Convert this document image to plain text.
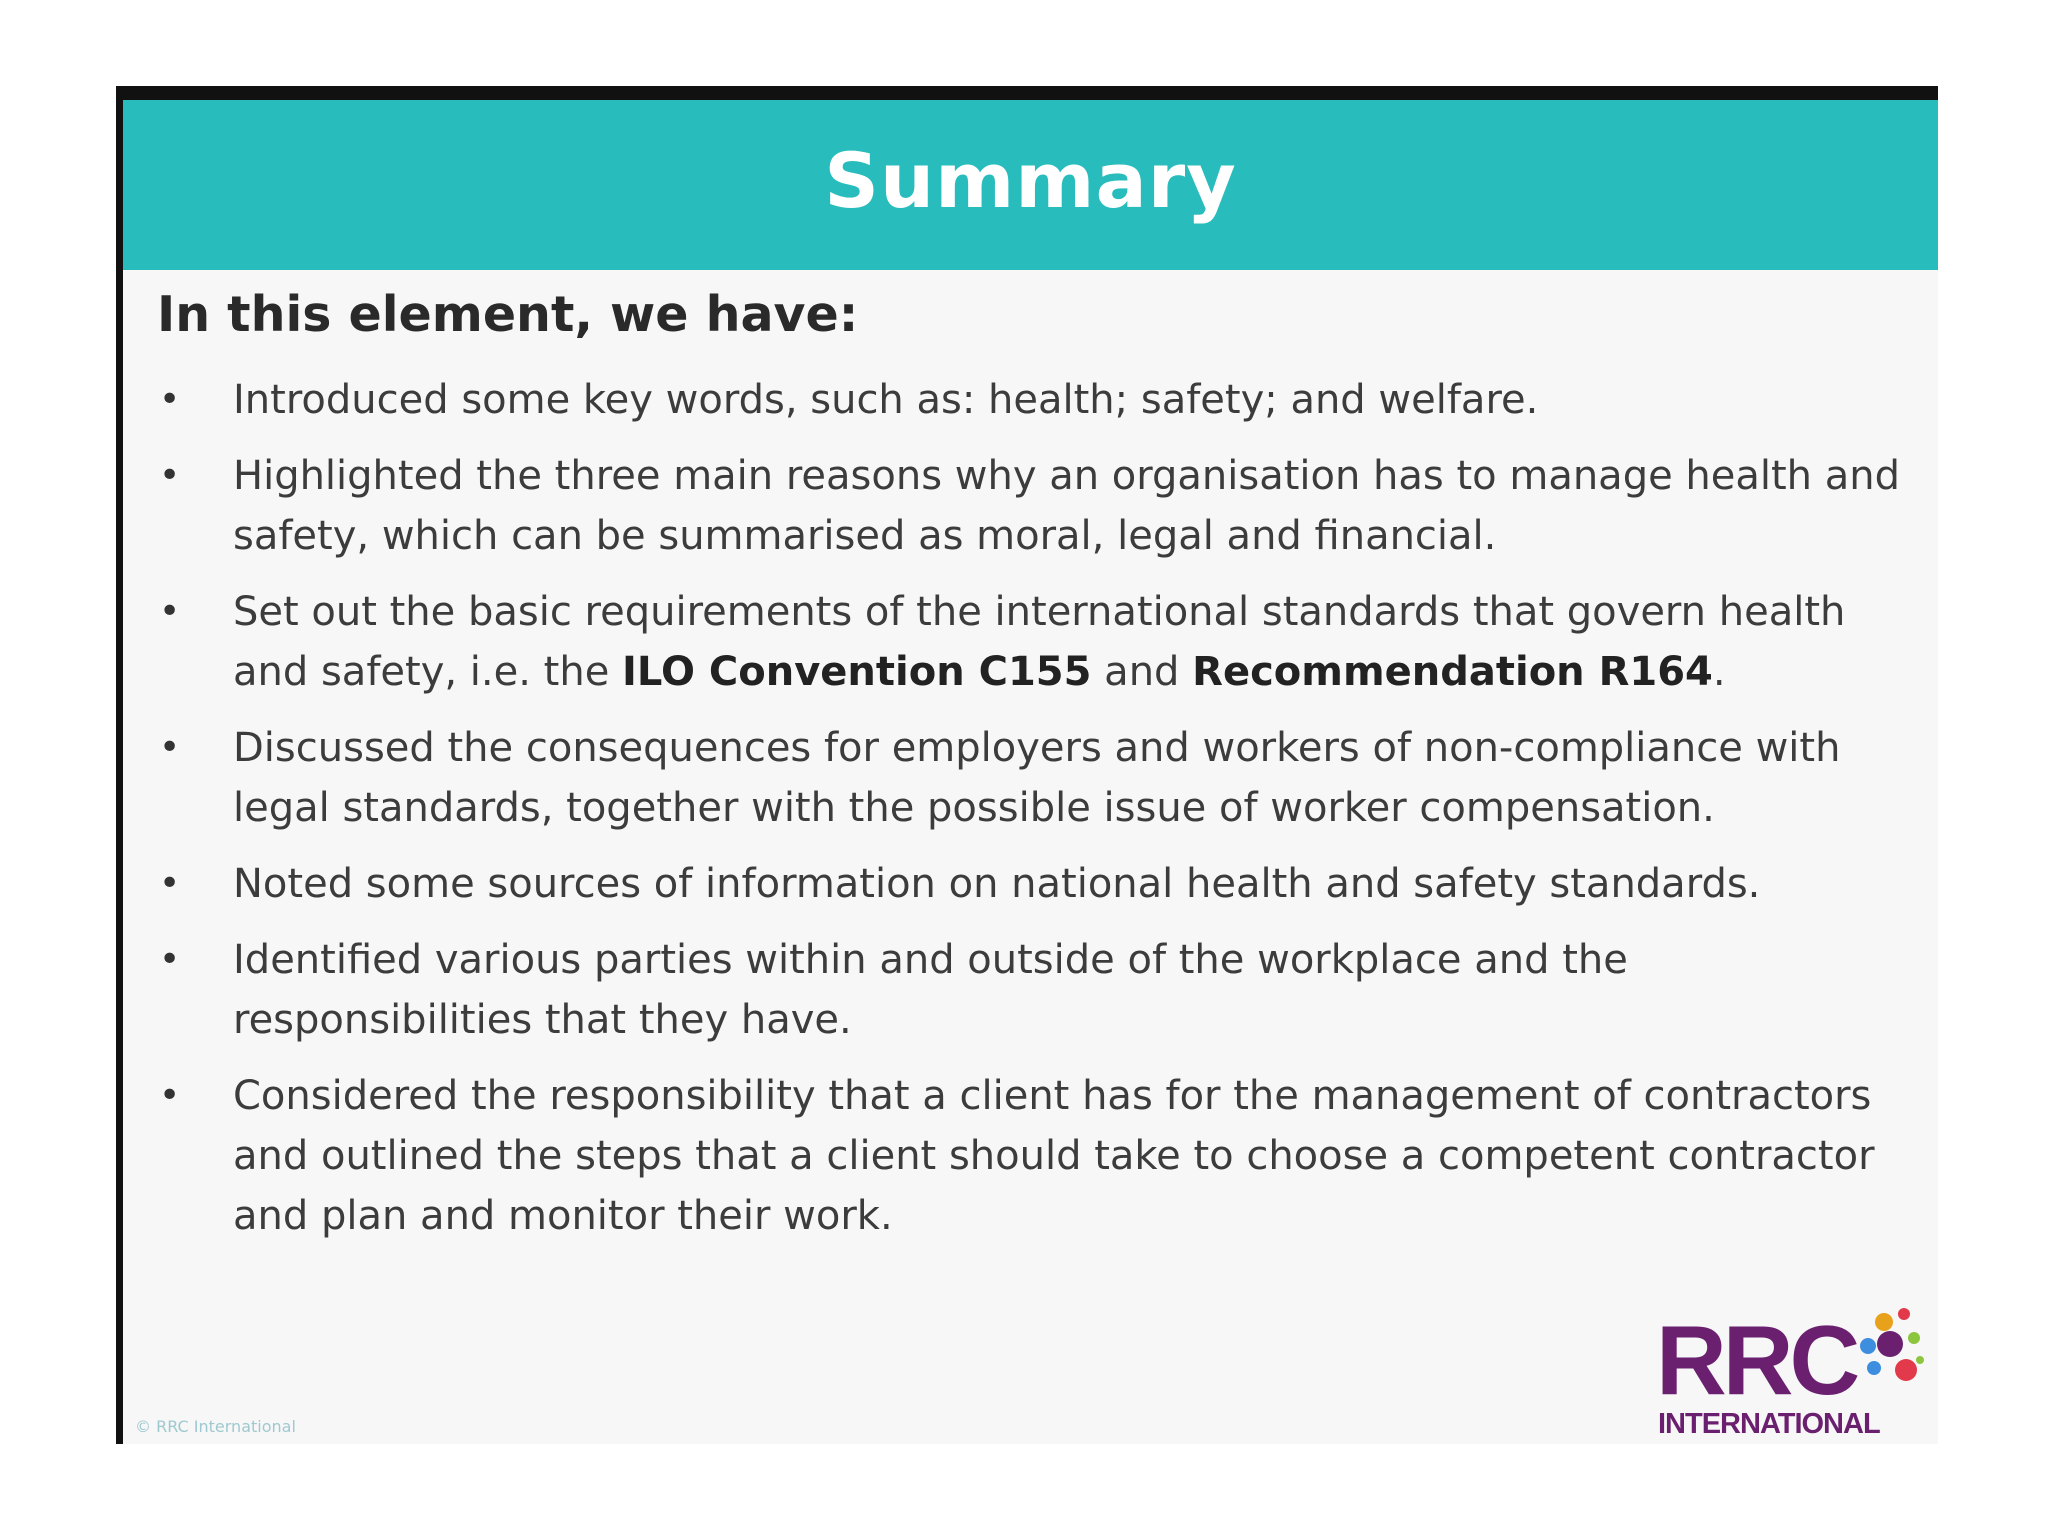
Summary
In this element, we have:
• Introduced some key words, such as: health; safety; and welfare.
• Highlighted the three main reasons why an organisation has to manage health and safety, which can be summarised as moral, legal and financial.
• Set out the basic requirements of the international standards that govern health and safety, i.e. the ILO Convention C155 and Recommendation R164.
• Discussed the consequences for employers and workers of non-compliance with legal standards, together with the possible issue of worker compensation.
• Noted some sources of information on national health and safety standards.
• Identified various parties within and outside of the workplace and the responsibilities that they have.
• Considered the responsibility that a client has for the management of contractors and outlined the steps that a client should take to choose a competent contractor and plan and monitor their work.
© RRC International
RRC
INTERNATIONAL
